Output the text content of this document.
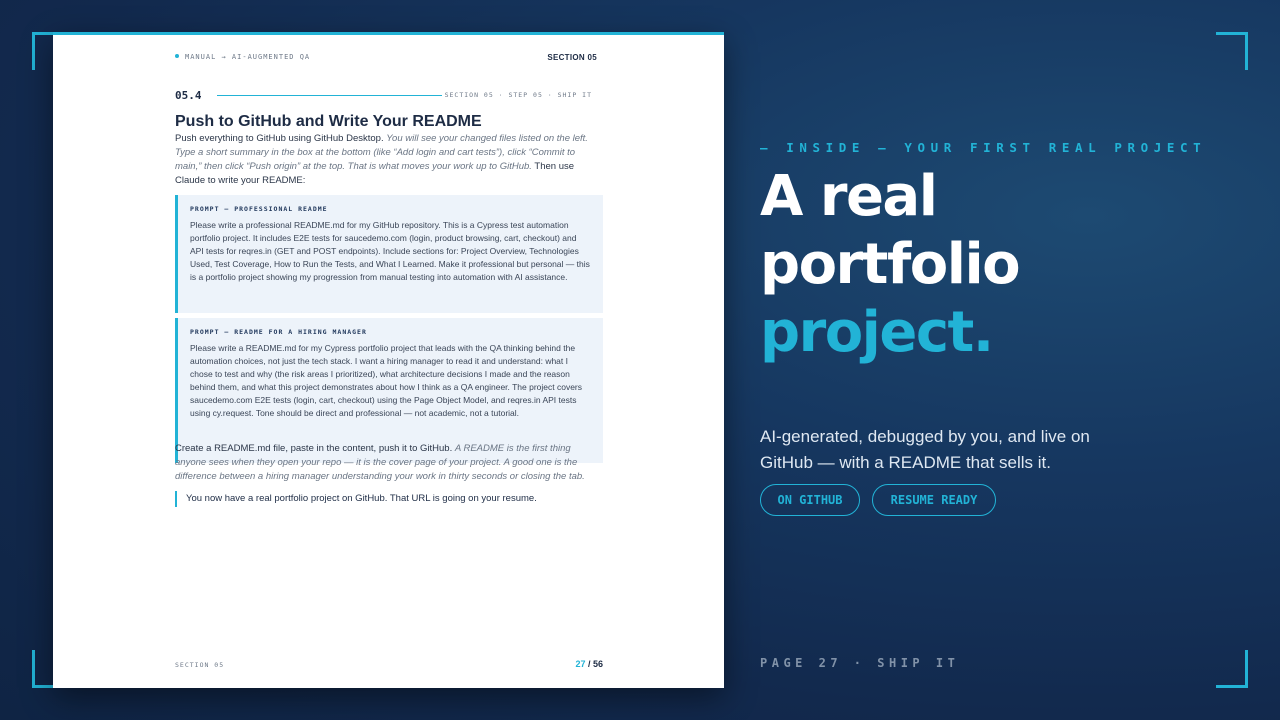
MANUAL → AI-AUGMENTED QA	SECTION 05
05.4	SECTION 05 · STEP 05 · SHIP IT
Push to GitHub and Write Your README
Push everything to GitHub using GitHub Desktop. You will see your changed files listed on the left. Type a short summary in the box at the bottom (like “Add login and cart tests”), click “Commit to main,” then click “Push origin” at the top. That is what moves your work up to GitHub. Then use Claude to write your README:
PROMPT — PROFESSIONAL README
Please write a professional README.md for my GitHub repository. This is a Cypress test automation portfolio project. It includes E2E tests for saucedemo.com (login, product browsing, cart, checkout) and API tests for reqres.in (GET and POST endpoints). Include sections for: Project Overview, Technologies Used, Test Coverage, How to Run the Tests, and What I Learned. Make it professional but personal — this is a portfolio project showing my progression from manual testing into automation with AI assistance.
PROMPT — README FOR A HIRING MANAGER
Please write a README.md for my Cypress portfolio project that leads with the QA thinking behind the automation choices, not just the tech stack. I want a hiring manager to read it and understand: what I chose to test and why (the risk areas I prioritized), what architecture decisions I made and the reason behind them, and what this project demonstrates about how I think as a QA engineer. The project covers saucedemo.com E2E tests (login, cart, checkout) using the Page Object Model, and reqres.in API tests using cy.request. Tone should be direct and professional — not academic, not a tutorial.
Create a README.md file, paste in the content, push it to GitHub. A README is the first thing anyone sees when they open your repo — it is the cover page of your project. A good one is the difference between a hiring manager understanding your work in thirty seconds or closing the tab.
You now have a real portfolio project on GitHub. That URL is going on your resume.
SECTION 05	27 / 56
— INSIDE — YOUR FIRST REAL PROJECT
A real
portfolio
project.
AI-generated, debugged by you, and live on GitHub — with a README that sells it.
ON GITHUB	RESUME READY
PAGE 27 · SHIP IT
